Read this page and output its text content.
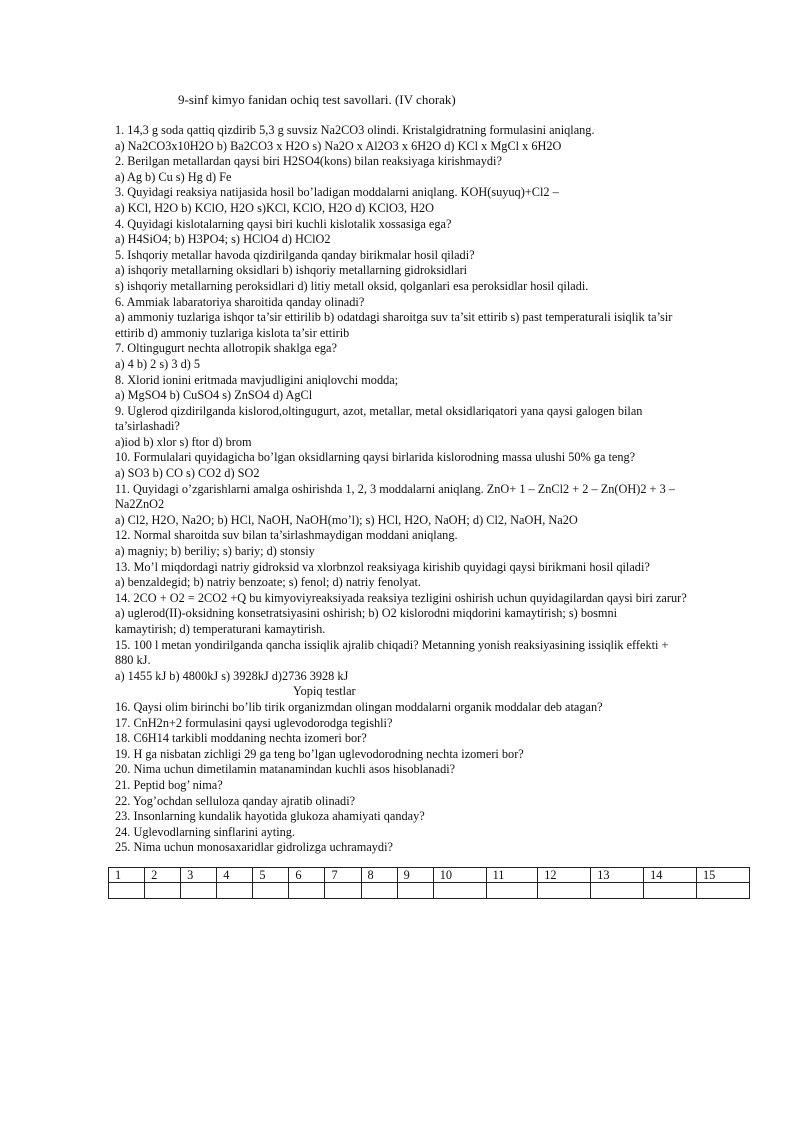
9-sinf kimyo fanidan ochiq test savollari. (IV chorak)
1. 14,3 g soda qattiq qizdirib 5,3 g suvsiz Na2CO3 olindi. Kristalgidratning formulasini aniqlang.
a) Na2CO3x10H2O b) Ba2CO3 x H2O s) Na2O x Al2O3 x 6H2O d) KCl x MgCl x 6H2O
2. Berilgan metallardan qaysi biri H2SO4(kons) bilan reaksiyaga kirishmaydi?
a) Ag b) Cu s) Hg d) Fe
3. Quyidagi reaksiya natijasida hosil bo’ladigan moddalarni aniqlang. KOH(suyuq)+Cl2 –
a) KCl, H2O b) KClO, H2O s)KCl, KClO, H2O d) KClO3, H2O
4. Quyidagi kislotalarning qaysi biri kuchli kislotalik xossasiga ega?
a) H4SiO4; b) H3PO4; s) HClO4 d) HClO2
5. Ishqoriy metallar havoda qizdirilganda qanday birikmalar hosil qiladi?
a) ishqoriy metallarning oksidlari b) ishqoriy metallarning gidroksidlari
s) ishqoriy metallarning peroksidlari d) litiy metall oksid, qolganlari esa peroksidlar hosil qiladi.
6. Ammiak labaratoriya sharoitida qanday olinadi?
a) ammoniy tuzlariga ishqor ta’sir ettirilib b) odatdagi sharoitga suv ta’sit ettirib s) past temperaturali isiqlik ta’sir
ettirib d) ammoniy tuzlariga kislota ta’sir ettirib
7. Oltingugurt nechta allotropik shaklga ega?
a) 4 b) 2 s) 3 d) 5
8. Xlorid ionini eritmada mavjudligini aniqlovchi modda;
a) MgSO4 b) CuSO4 s) ZnSO4 d) AgCl
9. Uglerod qizdirilganda kislorod,oltingugurt, azot, metallar, metal oksidlariqatori yana qaysi galogen bilan
ta’sirlashadi?
a)iod b) xlor s) ftor d) brom
10. Formulalari quyidagicha bo’lgan oksidlarning qaysi birlarida kislorodning massa ulushi 50% ga teng?
a) SO3 b) CO s) CO2 d) SO2
11. Quyidagi o’zgarishlarni amalga oshirishda 1, 2, 3 moddalarni aniqlang. ZnO+ 1 – ZnCl2 + 2 – Zn(OH)2 + 3 –
Na2ZnO2
a) Cl2, H2O, Na2O; b) HCl, NaOH, NaOH(mo’l); s) HCl, H2O, NaOH; d) Cl2, NaOH, Na2O
12. Normal sharoitda suv bilan ta’sirlashmaydigan moddani aniqlang.
a) magniy; b) beriliy; s) bariy; d) stonsiy
13. Mo’l miqdordagi natriy gidroksid va xlorbnzol reaksiyaga kirishib quyidagi qaysi birikmani hosil qiladi?
a) benzaldegid; b) natriy benzoate; s) fenol; d) natriy fenolyat.
14. 2CO + O2 = 2CO2 +Q bu kimyoviyreaksiyada reaksiya tezligini oshirish uchun quyidagilardan qaysi biri zarur?
a) uglerod(II)-oksidning konsetratsiyasini oshirish; b) O2 kislorodni miqdorini kamaytirish; s) bosmni
kamaytirish; d) temperaturani kamaytirish.
15. 100 l metan yondirilganda qancha issiqlik ajralib chiqadi? Metanning yonish reaksiyasining issiqlik effekti +
880 kJ.
a) 1455 kJ b) 4800kJ s) 3928kJ d)2736 3928 kJ
Yopiq testlar
16. Qaysi olim birinchi bo’lib tirik organizmdan olingan moddalarni organik moddalar deb atagan?
17. CnH2n+2 formulasini qaysi uglevodorodga tegishli?
18. C6H14 tarkibli moddaning nechta izomeri bor?
19. H ga nisbatan zichligi 29 ga teng bo’lgan uglevodorodning nechta izomeri bor?
20. Nima uchun dimetilamin matanamindan kuchli asos hisoblanadi?
21. Peptid bog’ nima?
22. Yog’ochdan selluloza qanday ajratib olinadi?
23. Insonlarning kundalik hayotida glukoza ahamiyati qanday?
24. Uglevodlarning sinflarini ayting.
25. Nima uchun monosaxaridlar gidrolizga uchramaydi?
1	2	3	4	5	6	7	8	9	10	11	12	13	14	15
